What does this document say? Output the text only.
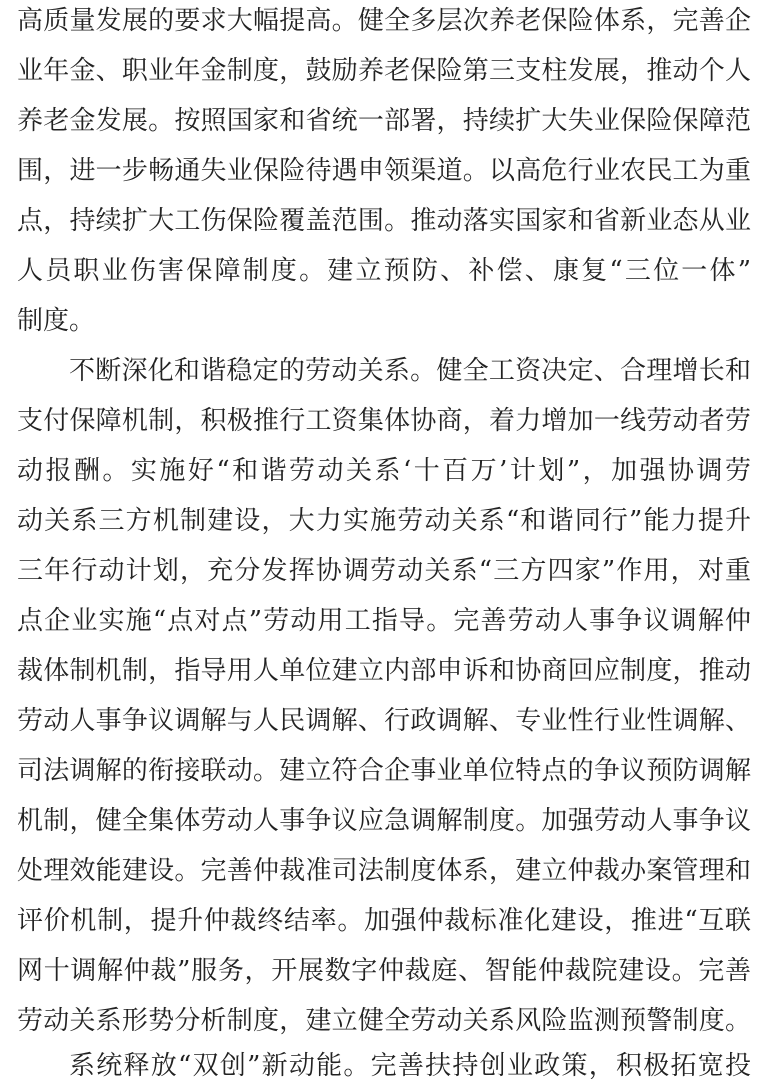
高质量发展的要求大幅提高。健全多层次养老保险体系，完善企
业年金、职业年金制度，鼓励养老保险第三支柱发展，推动个人
养老金发展。按照国家和省统一部署，持续扩大失业保险保障范
围，进一步畅通失业保险待遇申领渠道。以高危行业农民工为重
点，持续扩大工伤保险覆盖范围。推动落实国家和省新业态从业
人员职业伤害保障制度。建立预防、补偿、康复“三位一体”
制度。
不断深化和谐稳定的劳动关系。健全工资决定、合理增长和
支付保障机制，积极推行工资集体协商，着力增加一线劳动者劳
动报酬。实施好“和谐劳动关系‘十百万’计划”，加强协调劳
动关系三方机制建设，大力实施劳动关系“和谐同行”能力提升
三年行动计划，充分发挥协调劳动关系“三方四家”作用，对重
点企业实施“点对点”劳动用工指导。完善劳动人事争议调解仲
裁体制机制，指导用人单位建立内部申诉和协商回应制度，推动
劳动人事争议调解与人民调解、行政调解、专业性行业性调解、
司法调解的衔接联动。建立符合企事业单位特点的争议预防调解
机制，健全集体劳动人事争议应急调解制度。加强劳动人事争议
处理效能建设。完善仲裁准司法制度体系，建立仲裁办案管理和
评价机制，提升仲裁终结率。加强仲裁标准化建设，推进“互联
网十调解仲裁”服务，开展数字仲裁庭、智能仲裁院建设。完善
劳动关系形势分析制度，建立健全劳动关系风险监测预警制度。
系统释放“双创”新动能。完善扶持创业政策，积极拓宽投
